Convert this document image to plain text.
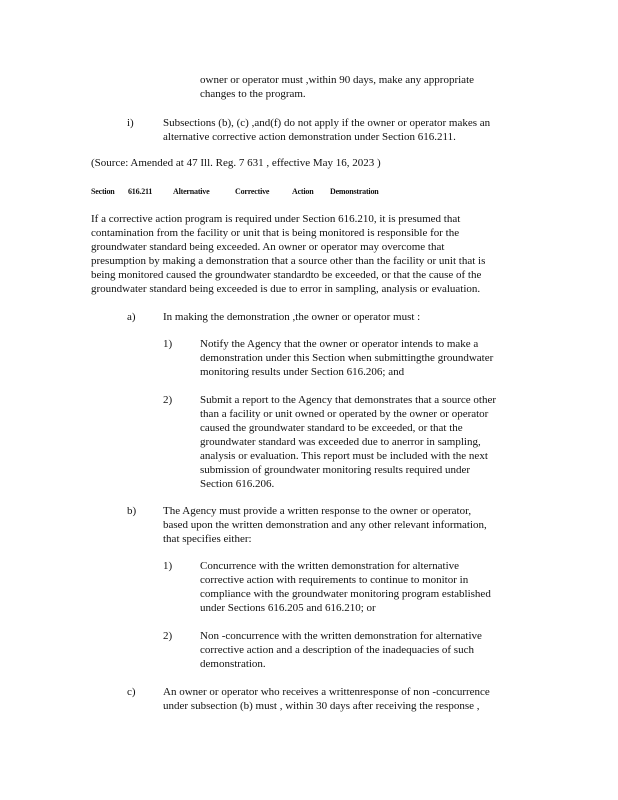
owner or operator must ,within 90 days, make any appropriate
changes to the program.
i)	Subsections (b), (c) ,and(f) do not apply if the owner or operator makes an
alternative corrective action demonstration under Section 616.211.
(Source: Amended at 47 Ill. Reg. 7 631 , effective May 16, 2023 )
Section 616.211	Alternative	Corrective	Action Demonstration
If a corrective action program is required under Section 616.210, it is presumed that
contamination from the facility or unit that is being monitored is responsible for the
groundwater standard being exceeded. An owner or operator may overcome that
presumption by making a demonstration that a source other than the facility or unit that is
being monitored caused the groundwater standardto be exceeded, or that the cause of the
groundwater standard being exceeded is due to error in sampling, analysis or evaluation.
a) In making the demonstration ,the owner or operator must :
1)	Notify the Agency that the owner or operator intends to make a
demonstration under this Section when submittingthe groundwater
monitoring results under Section 616.206; and
2)	Submit a report to the Agency that demonstrates that a source other
than a facility or unit owned or operated by the owner or operator
caused the groundwater standard to be exceeded, or that the
groundwater standard was exceeded due to anerror in sampling,
analysis or evaluation. This report must be included with the next
submission of groundwater monitoring results required under
Section 616.206.
b) The Agency must provide a written response to the owner or operator,
based upon the written demonstration and any other relevant information,
that specifies either:
1)	Concurrence with the written demonstration for alternative
corrective action with requirements to continue to monitor in
compliance with the groundwater monitoring program established
under Sections 616.205 and 616.210; or
2)	Non -concurrence with the written demonstration for alternative
corrective action and a description of the inadequacies of such
demonstration.
c) An owner or operator who receives a writtenresponse of non -concurrence
under subsection (b) must , within 30 days after receiving the response ,
